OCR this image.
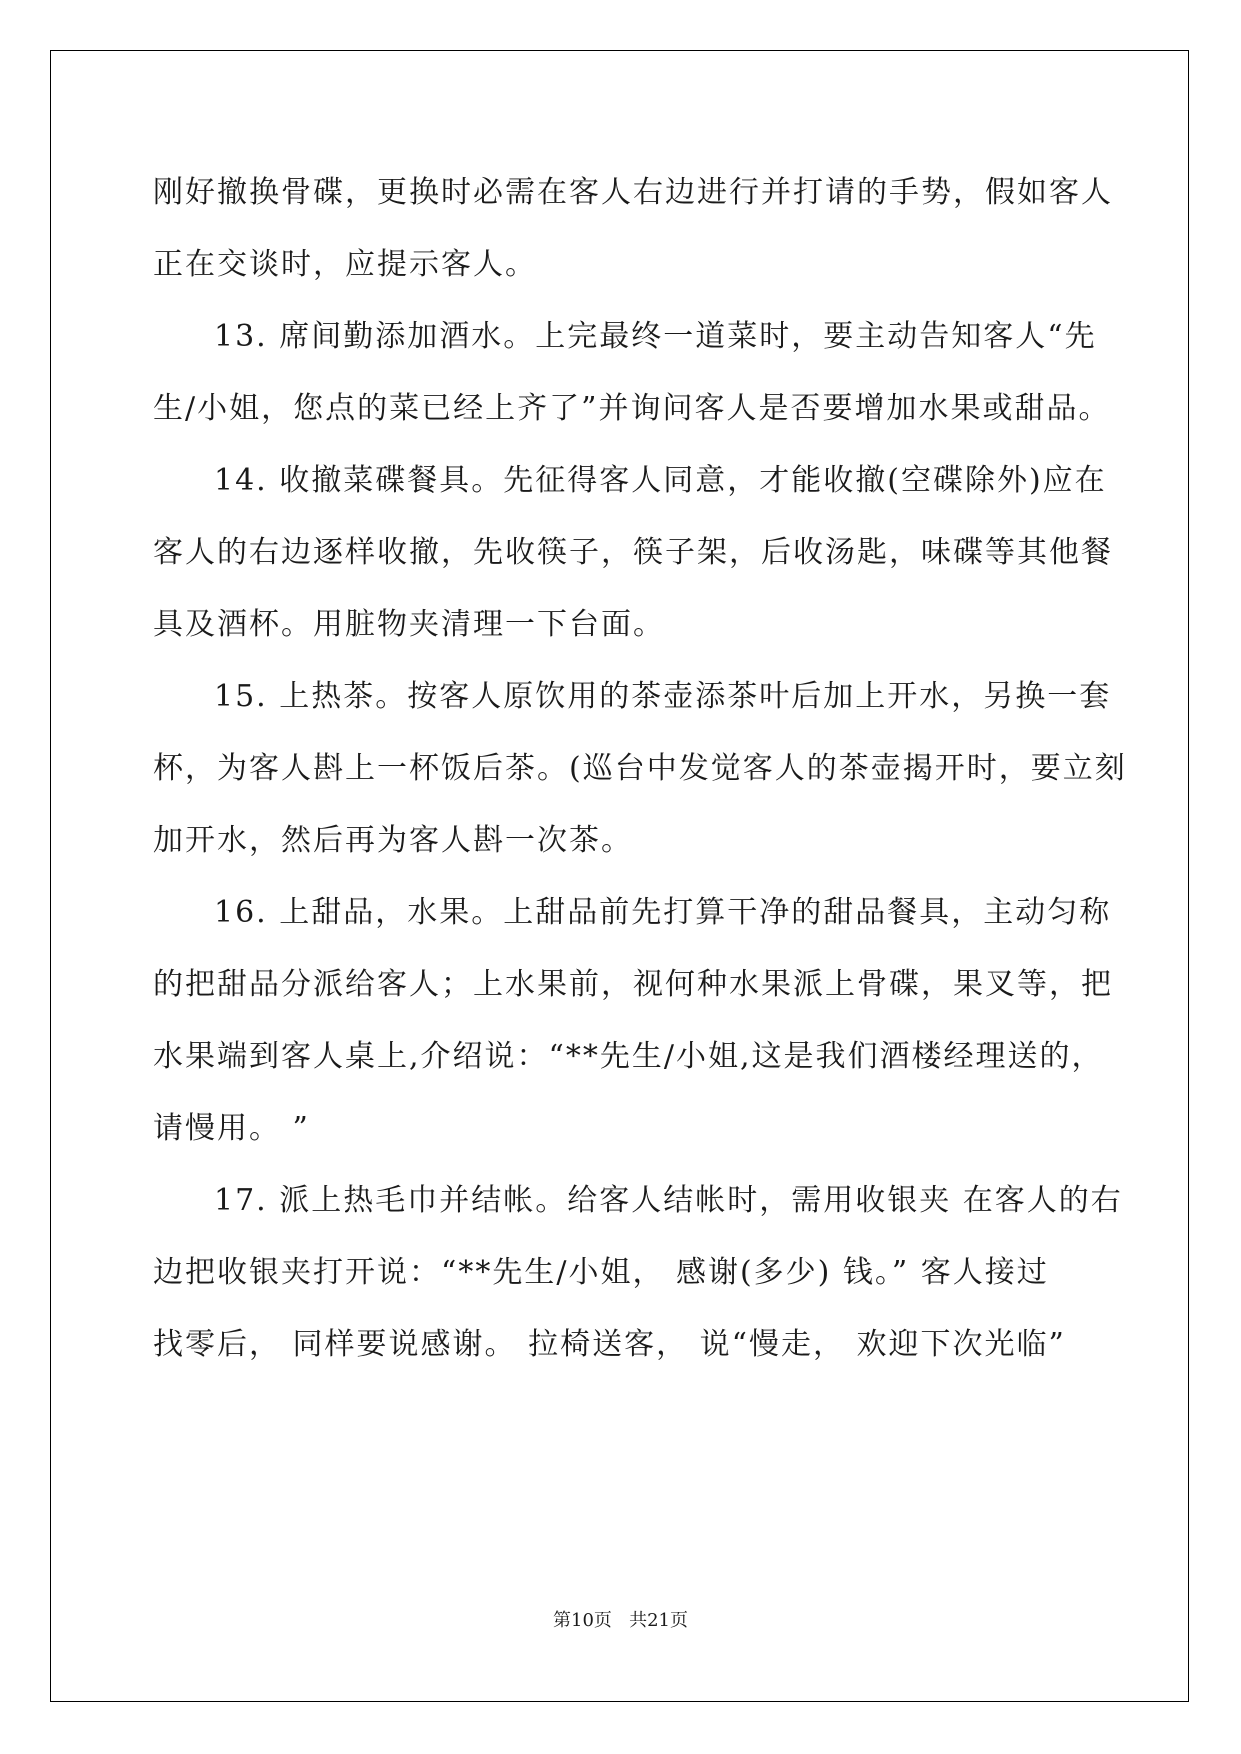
刚好撤换骨碟，更换时必需在客人右边进行并打请的手势，假如客人
正在交谈时，应提示客人。
13. 席间勤添加酒水。上完最终一道菜时，要主动告知客人“先
生/小姐，您点的菜已经上齐了”并询问客人是否要增加水果或甜品。
14. 收撤菜碟餐具。先征得客人同意，才能收撤(空碟除外)应在
客人的右边逐样收撤，先收筷子，筷子架，后收汤匙，味碟等其他餐
具及酒杯。用脏物夹清理一下台面。
15. 上热茶。按客人原饮用的茶壶添茶叶后加上开水，另换一套
杯，为客人斟上一杯饭后茶。(巡台中发觉客人的茶壶揭开时，要立刻
加开水，然后再为客人斟一次茶。
16. 上甜品，水果。上甜品前先打算干净的甜品餐具，主动匀称
的把甜品分派给客人；上水果前，视何种水果派上骨碟，果叉等，把
水果端到客人桌上,介绍说：“**先生/小姐,这是我们酒楼经理送的，
请慢用。 ”
17. 派上热毛巾并结帐。给客人结帐时，需用收银夹 在客人的右
边把收银夹打开说：“**先生/小姐， 感谢(多少) 钱。” 客人接过
找零后， 同样要说感谢。 拉椅送客， 说“慢走， 欢迎下次光临”
第10页   共21页
